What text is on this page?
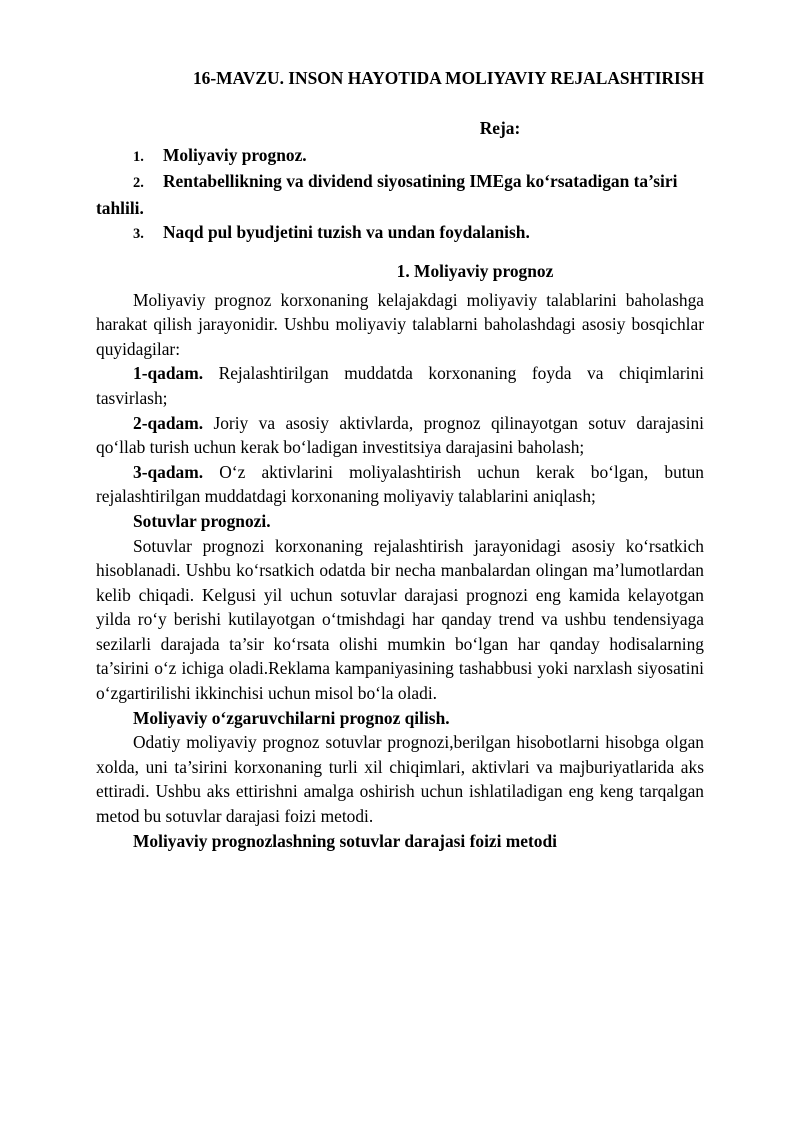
16-MAVZU. INSON HAYOTIDA MOLIYAVIY REJALASHTIRISH
Reja:
1. Moliyaviy prognoz.
2. Rentabellikning va dividend siyosatining IMEga ko‘rsatadigan ta’siri tahlili.
3. Naqd pul byudjetini tuzish va undan foydalanish.
1. Moliyaviy prognoz

Moliyaviy prognoz korxonaning kelajakdagi moliyaviy talablarini baholashga harakat qilish jarayonidir. Ushbu moliyaviy talablarni baholashdagi asosiy bosqichlar quyidagilar:

1-qadam. Rejalashtirilgan muddatda korxonaning foyda va chiqimlarini tasvirlash;

2-qadam. Joriy va asosiy aktivlarda, prognoz qilinayotgan sotuv darajasini qo‘llab turish uchun kerak bo‘ladigan investitsiya darajasini baholash;

3-qadam. O‘z aktivlarini moliyalashtirish uchun kerak bo‘lgan, butun rejalashtirilgan muddatdagi korxonaning moliyaviy talablarini aniqlash;

Sotuvlar prognozi.

Sotuvlar prognozi korxonaning rejalashtirish jarayonidagi asosiy ko‘rsatkich hisoblanadi. Ushbu ko‘rsatkich odatda bir necha manbalardan olingan ma’lumotlardan kelib chiqadi. Kelgusi yil uchun sotuvlar darajasi prognozi eng kamida kelayotgan yilda ro‘y berishi kutilayotgan o‘tmishdagi har qanday trend va ushbu tendensiyaga sezilarli darajada ta’sir ko‘rsata olishi mumkin bo‘lgan har qanday hodisalarning ta’sirini o‘z ichiga oladi.Reklama kampaniyasining tashabbusi yoki narxlash siyosatini o‘zgartirilishi ikkinchisi uchun misol bo‘la oladi.

Moliyaviy o‘zgaruvchilarni prognoz qilish.

Odatiy moliyaviy prognoz sotuvlar prognozi,berilgan hisobotlarni hisobga olgan xolda, uni ta’sirini korxonaning turli xil chiqimlari, aktivlari va majburiyatlarida aks ettiradi. Ushbu aks ettirishni amalga oshirish uchun ishlatiladigan eng keng tarqalgan metod bu sotuvlar darajasi foizi metodi.

Moliyaviy prognozlashning sotuvlar darajasi foizi metodi
